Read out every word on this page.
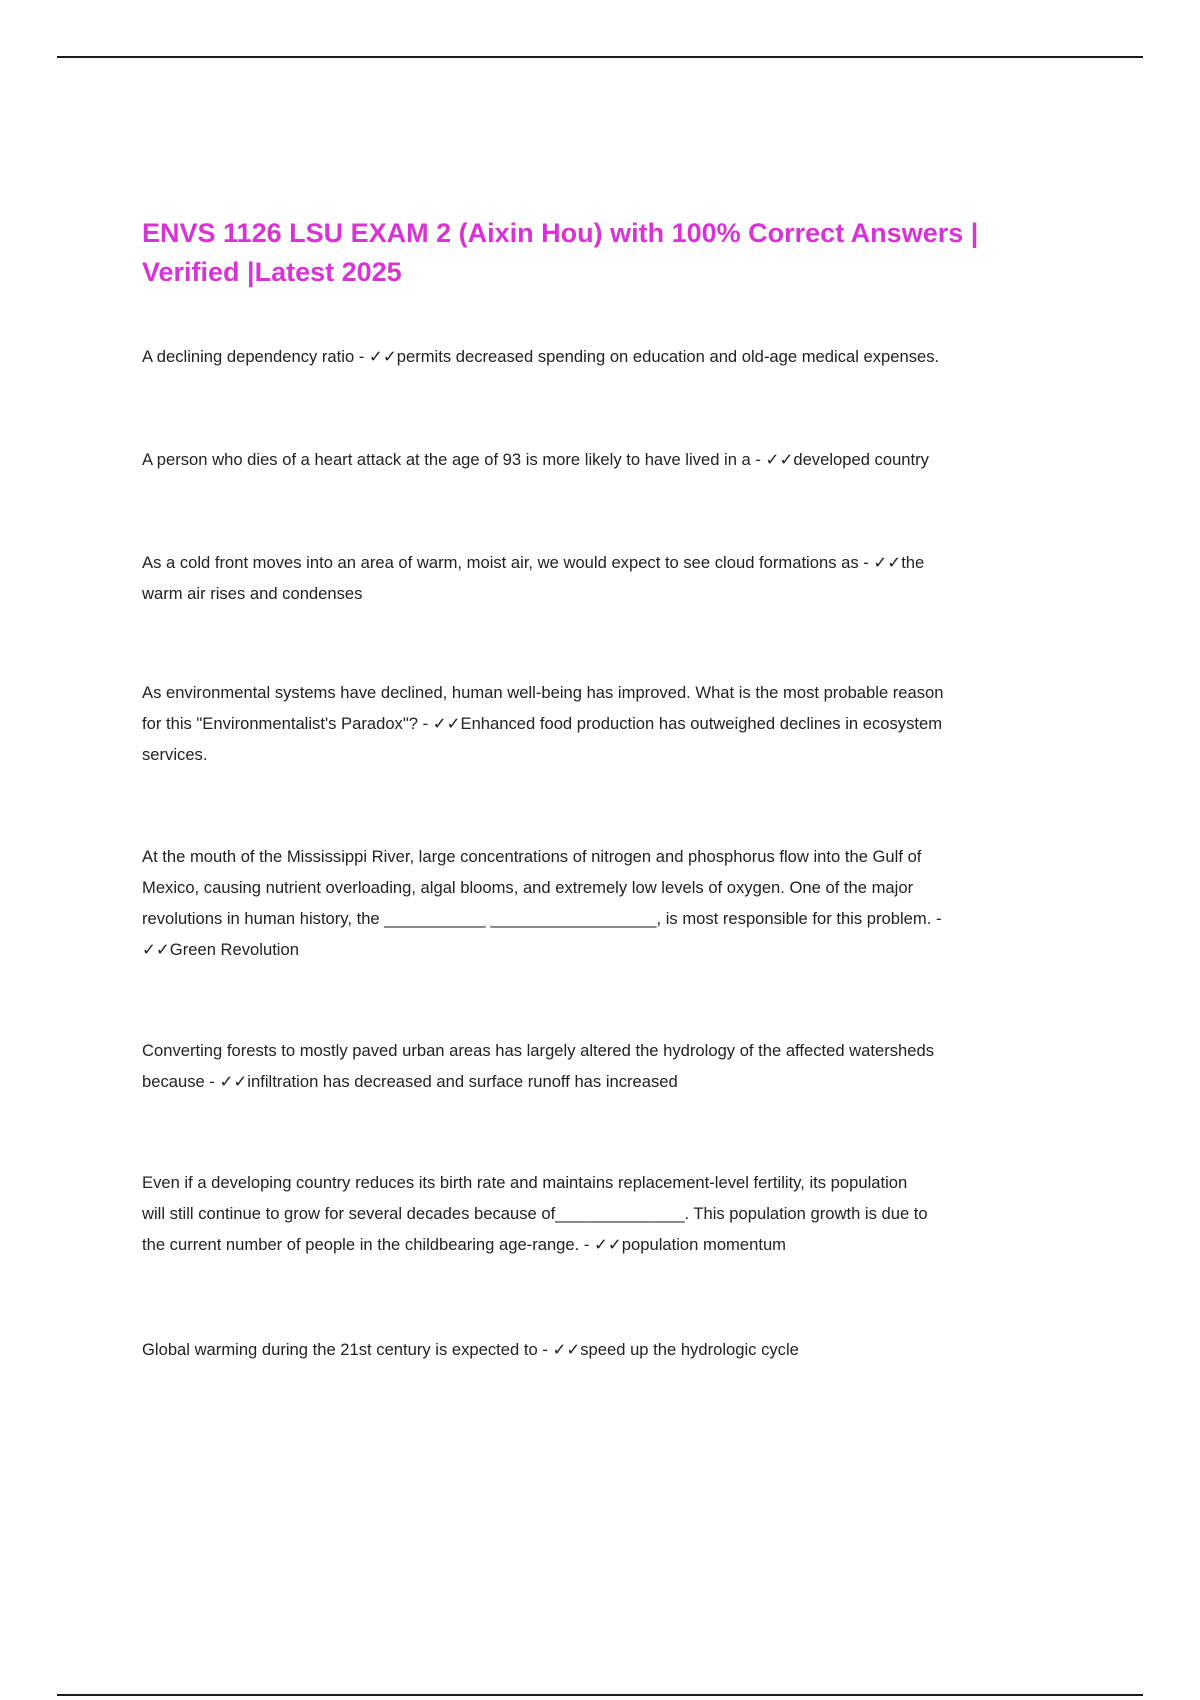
ENVS 1126 LSU EXAM 2 (Aixin Hou) with 100% Correct Answers |
Verified |Latest 2025

A declining dependency ratio - ✓✓permits decreased spending on education and old-age medical expenses.

A person who dies of a heart attack at the age of 93 is more likely to have lived in a - ✓✓developed country

As a cold front moves into an area of warm, moist air, we would expect to see cloud formations as - ✓✓the
warm air rises and condenses

As environmental systems have declined, human well-being has improved. What is the most probable reason
for this "Environmentalist's Paradox"? - ✓✓Enhanced food production has outweighed declines in ecosystem
services.

At the mouth of the Mississippi River, large concentrations of nitrogen and phosphorus flow into the Gulf of
Mexico, causing nutrient overloading, algal blooms, and extremely low levels of oxygen. One of the major
revolutions in human history, the ___________ __________________, is most responsible for this problem. -
✓✓Green Revolution

Converting forests to mostly paved urban areas has largely altered the hydrology of the affected watersheds
because - ✓✓infiltration has decreased and surface runoff has increased

Even if a developing country reduces its birth rate and maintains replacement-level fertility, its population
will still continue to grow for several decades because of______________. This population growth is due to
the current number of people in the childbearing age-range. - ✓✓population momentum

Global warming during the 21st century is expected to - ✓✓speed up the hydrologic cycle
